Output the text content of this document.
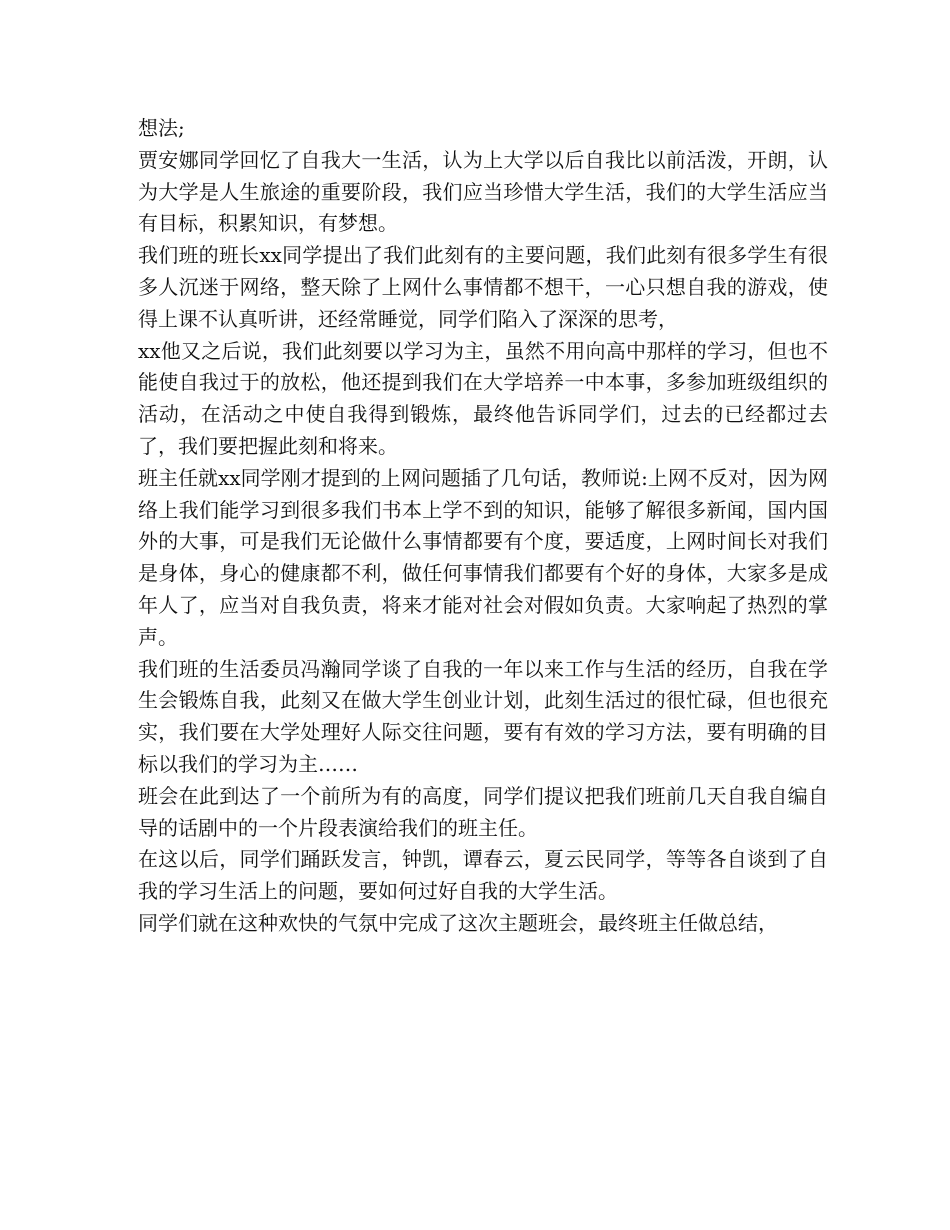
想法;

贾安娜同学回忆了自我大一生活，认为上大学以后自我比以前活泼，开朗，认为大学是人生旅途的重要阶段，我们应当珍惜大学生活，我们的大学生活应当有目标，积累知识，有梦想。

我们班的班长xx同学提出了我们此刻有的主要问题，我们此刻有很多学生有很多人沉迷于网络，整天除了上网什么事情都不想干，一心只想自我的游戏，使得上课不认真听讲，还经常睡觉，同学们陷入了深深的思考，

xx他又之后说，我们此刻要以学习为主，虽然不用向高中那样的学习，但也不能使自我过于的放松，他还提到我们在大学培养一中本事，多参加班级组织的活动，在活动之中使自我得到锻炼，最终他告诉同学们，过去的已经都过去了，我们要把握此刻和将来。

班主任就xx同学刚才提到的上网问题插了几句话，教师说:上网不反对，因为网络上我们能学习到很多我们书本上学不到的知识，能够了解很多新闻，国内国外的大事，可是我们无论做什么事情都要有个度，要适度，上网时间长对我们是身体，身心的健康都不利，做任何事情我们都要有个好的身体，大家多是成年人了，应当对自我负责，将来才能对社会对假如负责。大家响起了热烈的掌声。

我们班的生活委员冯瀚同学谈了自我的一年以来工作与生活的经历，自我在学生会锻炼自我，此刻又在做大学生创业计划，此刻生活过的很忙碌，但也很充实，我们要在大学处理好人际交往问题，要有有效的学习方法，要有明确的目标以我们的学习为主……

班会在此到达了一个前所为有的高度，同学们提议把我们班前几天自我自编自导的话剧中的一个片段表演给我们的班主任。

在这以后，同学们踊跃发言，钟凯，谭春云，夏云民同学，等等各自谈到了自我的学习生活上的问题，要如何过好自我的大学生活。

同学们就在这种欢快的气氛中完成了这次主题班会，最终班主任做总结，
